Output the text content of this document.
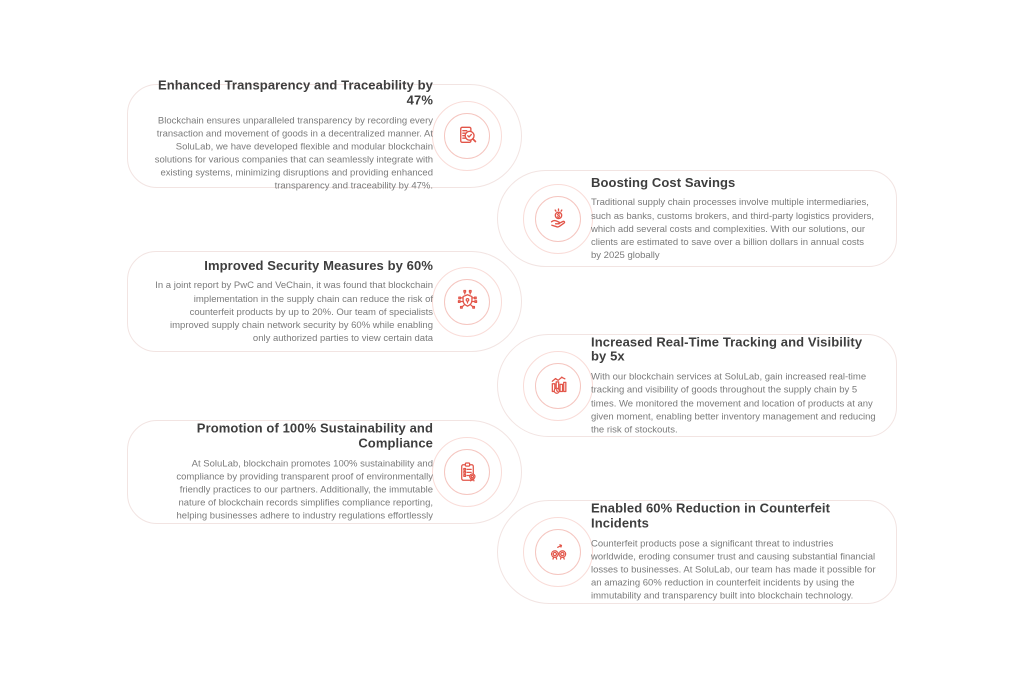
Enhanced Transparency and Traceability by 47%

Blockchain ensures unparalleled transparency by recording every transaction and movement of goods in a decentralized manner. At SoluLab, we have developed flexible and modular blockchain solutions for various companies that can seamlessly integrate with existing systems, minimizing disruptions and providing enhanced transparency and traceability by 47%.	Boosting Cost Savings

Traditional supply chain processes involve multiple intermediaries, such as banks, customs brokers, and third-party logistics providers, which add several costs and complexities. With our solutions, our clients are estimated to save over a billion dollars in annual costs by 2025 globally

Improved Security Measures by 60%

In a joint report by PwC and VeChain, it was found that blockchain implementation in the supply chain can reduce the risk of counterfeit products by up to 20%. Our team of specialists improved supply chain network security by 60% while enabling only authorized parties to view certain data	Increased Real-Time Tracking and Visibility by 5x

With our blockchain services at SoluLab, gain increased real-time tracking and visibility of goods throughout the supply chain by 5 times. We monitored the movement and location of products at any given moment, enabling better inventory management and reducing the risk of stockouts.

Promotion of 100% Sustainability and Compliance

At SoluLab, blockchain promotes 100% sustainability and compliance by providing transparent proof of environmentally friendly practices to our partners. Additionally, the immutable nature of blockchain records simplifies compliance reporting, helping businesses adhere to industry regulations effortlessly

Enabled 60% Reduction in Counterfeit Incidents

Counterfeit products pose a significant threat to industries worldwide, eroding consumer trust and causing substantial financial losses to businesses. At SoluLab, our team has made it possible for an amazing 60% reduction in counterfeit incidents by using the immutability and transparency built into blockchain technology.
